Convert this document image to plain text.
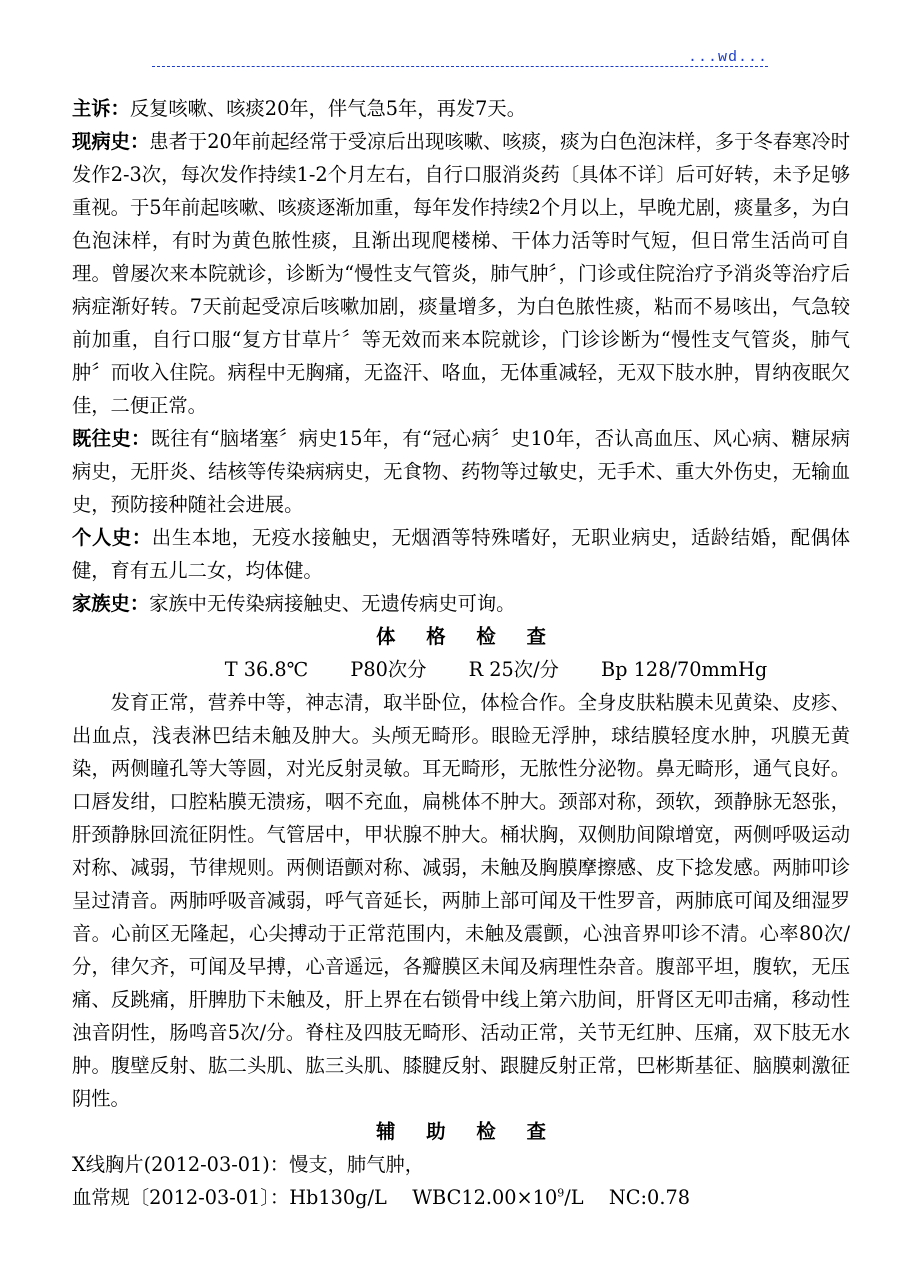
...wd...

主诉：反复咳嗽、咳痰20年，伴气急5年，再发7天。

现病史：患者于20年前起经常于受凉后出现咳嗽、咳痰，痰为白色泡沫样，多于冬春寒冷时发作2-3次，每次发作持续1-2个月左右，自行口服消炎药〔具体不详〕后可好转，未予足够重视。于5年前起咳嗽、咳痰逐渐加重，每年发作持续2个月以上，早晚尤剧，痰量多，为白色泡沫样，有时为黄色脓性痰，且渐出现爬楼梯、干体力活等时气短，但日常生活尚可自理。曾屡次来本院就诊，诊断为“慢性支气管炎，肺气肿〞，门诊或住院治疗予消炎等治疗后病症渐好转。7天前起受凉后咳嗽加剧，痰量增多，为白色脓性痰，粘而不易咳出，气急较前加重，自行口服“复方甘草片〞等无效而来本院就诊，门诊诊断为“慢性支气管炎，肺气肿〞而收入住院。病程中无胸痛，无盗汗、咯血，无体重减轻，无双下肢水肿，胃纳夜眠欠佳，二便正常。

既往史：既往有“脑堵塞〞病史15年，有“冠心病〞史10年，否认高血压、风心病、糖尿病病史，无肝炎、结核等传染病病史，无食物、药物等过敏史，无手术、重大外伤史，无输血史，预防接种随社会进展。

个人史：出生本地，无疫水接触史，无烟酒等特殊嗜好，无职业病史，适龄结婚，配偶体健，育有五儿二女，均体健。

家族史：家族中无传染病接触史、无遗传病史可询。

体格检查

T 36.8℃ P80次分 R 25次/分 Bp 128/70mmHg

发育正常，营养中等，神志清，取半卧位，体检合作。全身皮肤粘膜未见黄染、皮疹、出血点，浅表淋巴结未触及肿大。头颅无畸形。眼睑无浮肿，球结膜轻度水肿，巩膜无黄染，两侧瞳孔等大等圆，对光反射灵敏。耳无畸形，无脓性分泌物。鼻无畸形，通气良好。口唇发绀，口腔粘膜无溃疡，咽不充血，扁桃体不肿大。颈部对称，颈软，颈静脉无怒张，肝颈静脉回流征阴性。气管居中，甲状腺不肿大。桶状胸，双侧肋间隙增宽，两侧呼吸运动对称、减弱，节律规则。两侧语颤对称、减弱，未触及胸膜摩擦感、皮下捻发感。两肺叩诊呈过清音。两肺呼吸音减弱，呼气音延长，两肺上部可闻及干性罗音，两肺底可闻及细湿罗音。心前区无隆起，心尖搏动于正常范围内，未触及震颤，心浊音界叩诊不清。心率80次/分，律欠齐，可闻及早搏，心音遥远，各瓣膜区未闻及病理性杂音。腹部平坦，腹软，无压痛、反跳痛，肝脾肋下未触及，肝上界在右锁骨中线上第六肋间，肝肾区无叩击痛，移动性浊音阴性，肠鸣音5次/分。脊柱及四肢无畸形、活动正常，关节无红肿、压痛，双下肢无水肿。腹壁反射、肱二头肌、肱三头肌、膝腱反射、跟腱反射正常，巴彬斯基征、脑膜刺激征阴性。

辅助检查

X线胸片(2012-03-01)：慢支，肺气肿，

血常规〔2012-03-01〕：Hb130g/L　 $WBC12.00\times 10^9/L$　 NC:0.78
